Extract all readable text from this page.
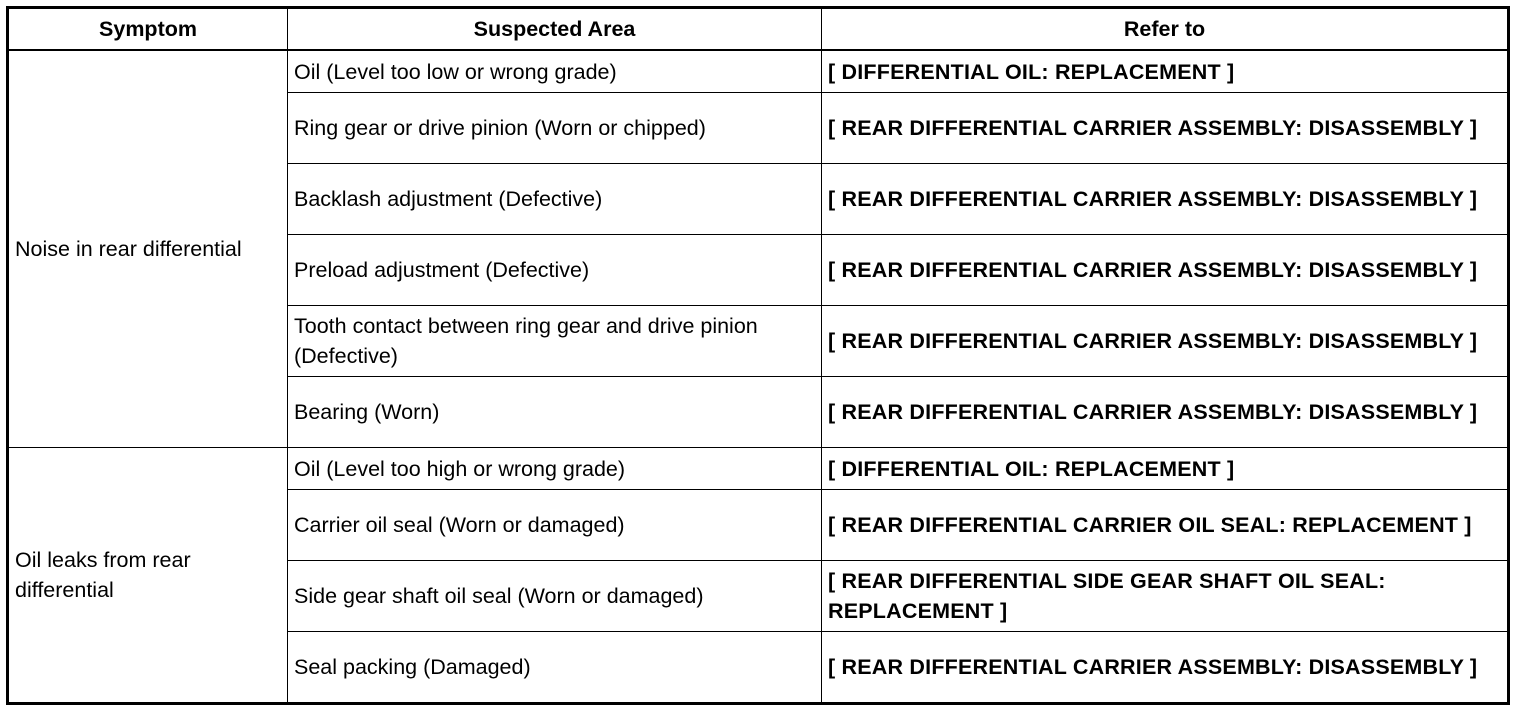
Symptom	Suspected Area	Refer to
Noise in rear differential	Oil (Level too low or wrong grade)	[ DIFFERENTIAL OIL: REPLACEMENT ]
	Ring gear or drive pinion (Worn or chipped)	[ REAR DIFFERENTIAL CARRIER ASSEMBLY: DISASSEMBLY ]
	Backlash adjustment (Defective)	[ REAR DIFFERENTIAL CARRIER ASSEMBLY: DISASSEMBLY ]
	Preload adjustment (Defective)	[ REAR DIFFERENTIAL CARRIER ASSEMBLY: DISASSEMBLY ]
	Tooth contact between ring gear and drive pinion (Defective)	[ REAR DIFFERENTIAL CARRIER ASSEMBLY: DISASSEMBLY ]
	Bearing (Worn)	[ REAR DIFFERENTIAL CARRIER ASSEMBLY: DISASSEMBLY ]
Oil leaks from rear differential	Oil (Level too high or wrong grade)	[ DIFFERENTIAL OIL: REPLACEMENT ]
	Carrier oil seal (Worn or damaged)	[ REAR DIFFERENTIAL CARRIER OIL SEAL: REPLACEMENT ]
	Side gear shaft oil seal (Worn or damaged)	[ REAR DIFFERENTIAL SIDE GEAR SHAFT OIL SEAL: REPLACEMENT ]
	Seal packing (Damaged)	[ REAR DIFFERENTIAL CARRIER ASSEMBLY: DISASSEMBLY ]
